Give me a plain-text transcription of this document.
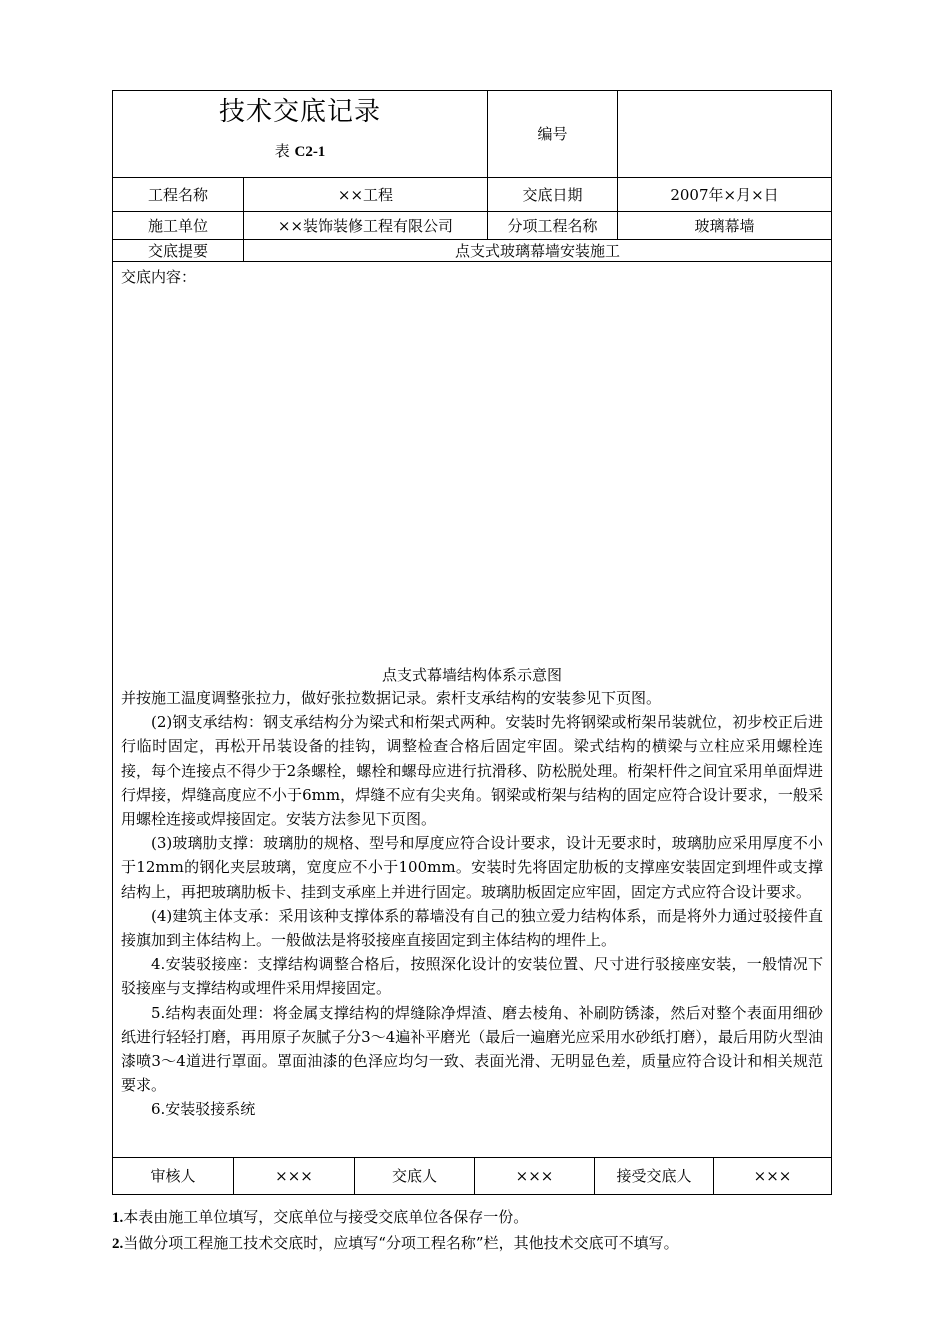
技术交底记录
表 C2-1
编号
工程名称	××工程	交底日期	2007年×月×日
施工单位	××装饰装修工程有限公司	分项工程名称	玻璃幕墙
交底提要	点支式玻璃幕墙安装施工
交底内容：
点支式幕墙结构体系示意图

并按施工温度调整张拉力，做好张拉数据记录。索杆支承结构的安装参见下页图。

(2)钢支承结构：钢支承结构分为梁式和桁架式两种。安装时先将钢梁或桁架吊装就位，初步校正后进行临时固定，再松开吊装设备的挂钩，调整检查合格后固定牢固。梁式结构的横梁与立柱应采用螺栓连接，每个连接点不得少于2条螺栓，螺栓和螺母应进行抗滑移、防松脱处理。桁架杆件之间宜采用单面焊进行焊接，焊缝高度应不小于6mm，焊缝不应有尖夹角。钢梁或桁架与结构的固定应符合设计要求，一般采用螺栓连接或焊接固定。安装方法参见下页图。

(3)玻璃肋支撑：玻璃肋的规格、型号和厚度应符合设计要求，设计无要求时，玻璃肋应采用厚度不小于12mm的钢化夹层玻璃，宽度应不小于100mm。安装时先将固定肋板的支撑座安装固定到埋件或支撑结构上，再把玻璃肋板卡、挂到支承座上并进行固定。玻璃肋板固定应牢固，固定方式应符合设计要求。

(4)建筑主体支承：采用该种支撑体系的幕墙没有自己的独立爱力结构体系，而是将外力通过驳接件直接旗加到主体结构上。一般做法是将驳接座直接固定到主体结构的埋件上。

4.安装驳接座：支撑结构调整合格后，按照深化设计的安装位置、尺寸进行驳接座安装，一般情况下驳接座与支撑结构或埋件采用焊接固定。

5.结构表面处理：将金属支撑结构的焊缝除净焊渣、磨去棱角、补刷防锈漆，然后对整个表面用细砂纸进行轻轻打磨，再用原子灰腻子分3～4遍补平磨光（最后一遍磨光应采用水砂纸打磨），最后用防火型油漆喷3～4道进行罩面。罩面油漆的色泽应均匀一致、表面光滑、无明显色差，质量应符合设计和相关规范要求。

6.安装驳接系统

审核人	×××	交底人	×××	接受交底人	×××
1.本表由施工单位填写，交底单位与接受交底单位各保存一份。
2.当做分项工程施工技术交底时，应填写“分项工程名称”栏，其他技术交底可不填写。
